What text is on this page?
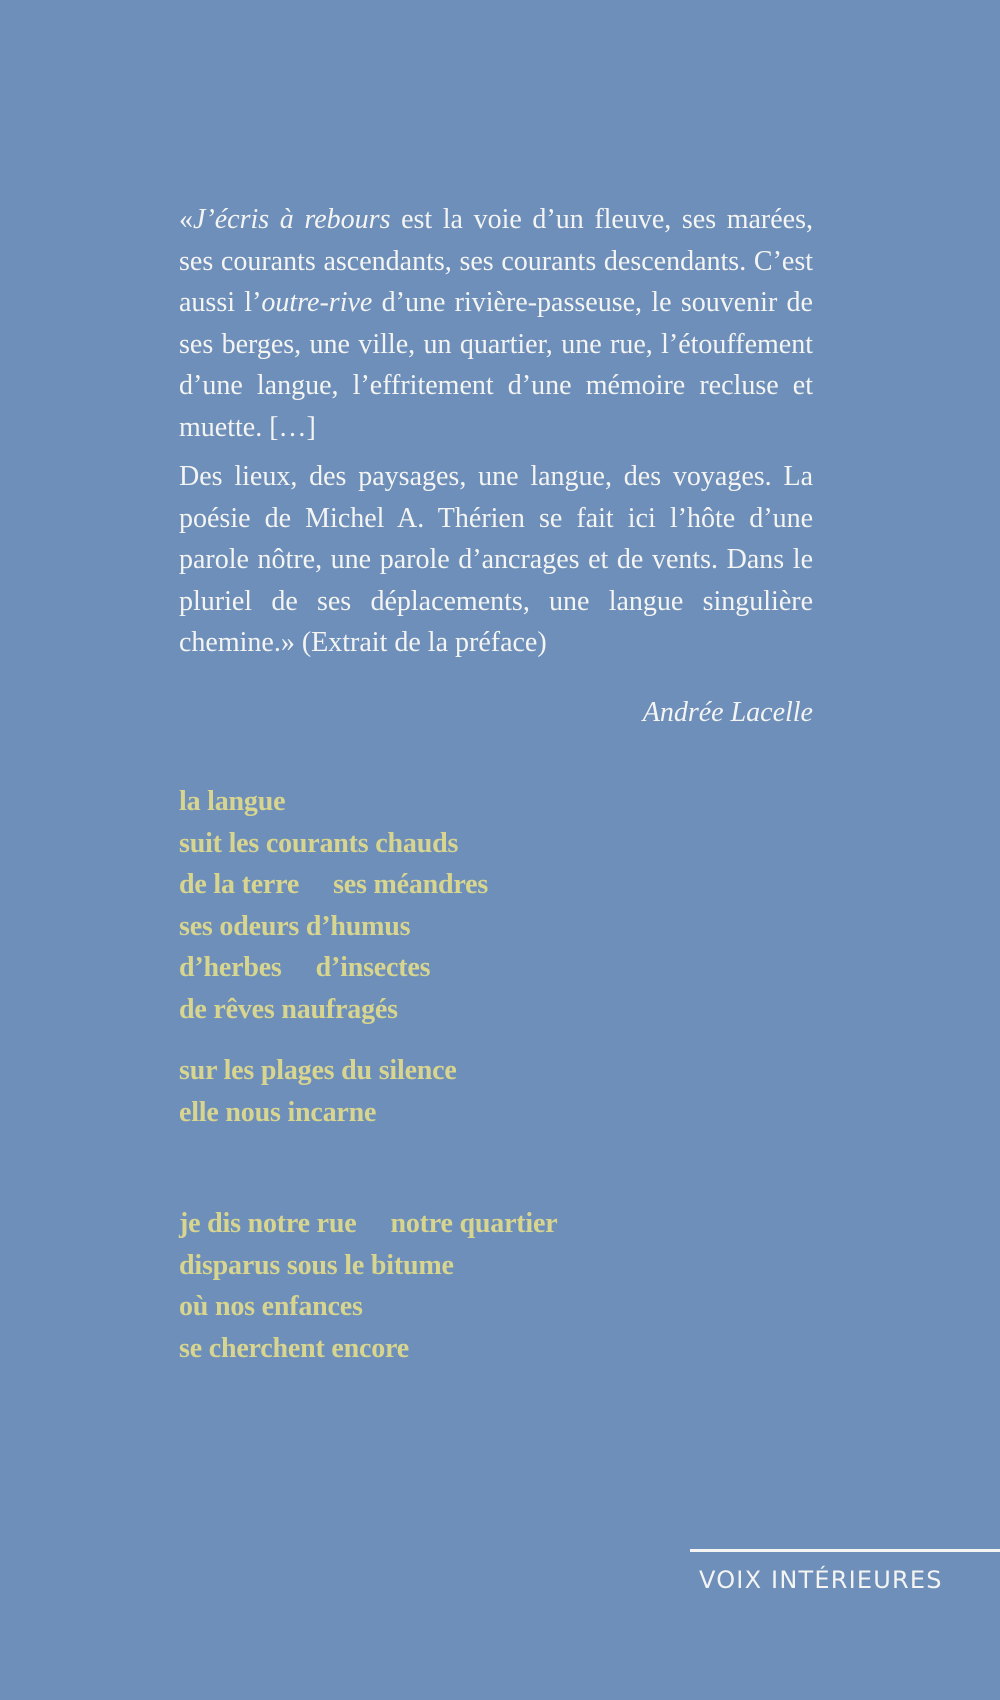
«J’écris à rebours est la voie d’un fleuve, ses marées, ses courants ascendants, ses courants descendants. C’est aussi l’outre-rive d’une rivière-passeuse, le souvenir de ses berges, une ville, un quartier, une rue, l’étouffement d’une langue, l’effritement d’une mémoire recluse et muette. […]

Des lieux, des paysages, une langue, des voyages. La poésie de Michel A. Thérien se fait ici l’hôte d’une parole nôtre, une parole d’ancrages et de vents. Dans le pluriel de ses déplacements, une langue singulière chemine.» (Extrait de la préface)

Andrée Lacelle
la langue
suit les courants chauds
de la terre ses méandres
ses odeurs d’humus
d’herbes d’insectes
de rêves naufragés
sur les plages du silence
elle nous incarne
je dis notre rue notre quartier
disparus sous le bitume
où nos enfances
se cherchent encore
VOIX INTÉRIEURES
